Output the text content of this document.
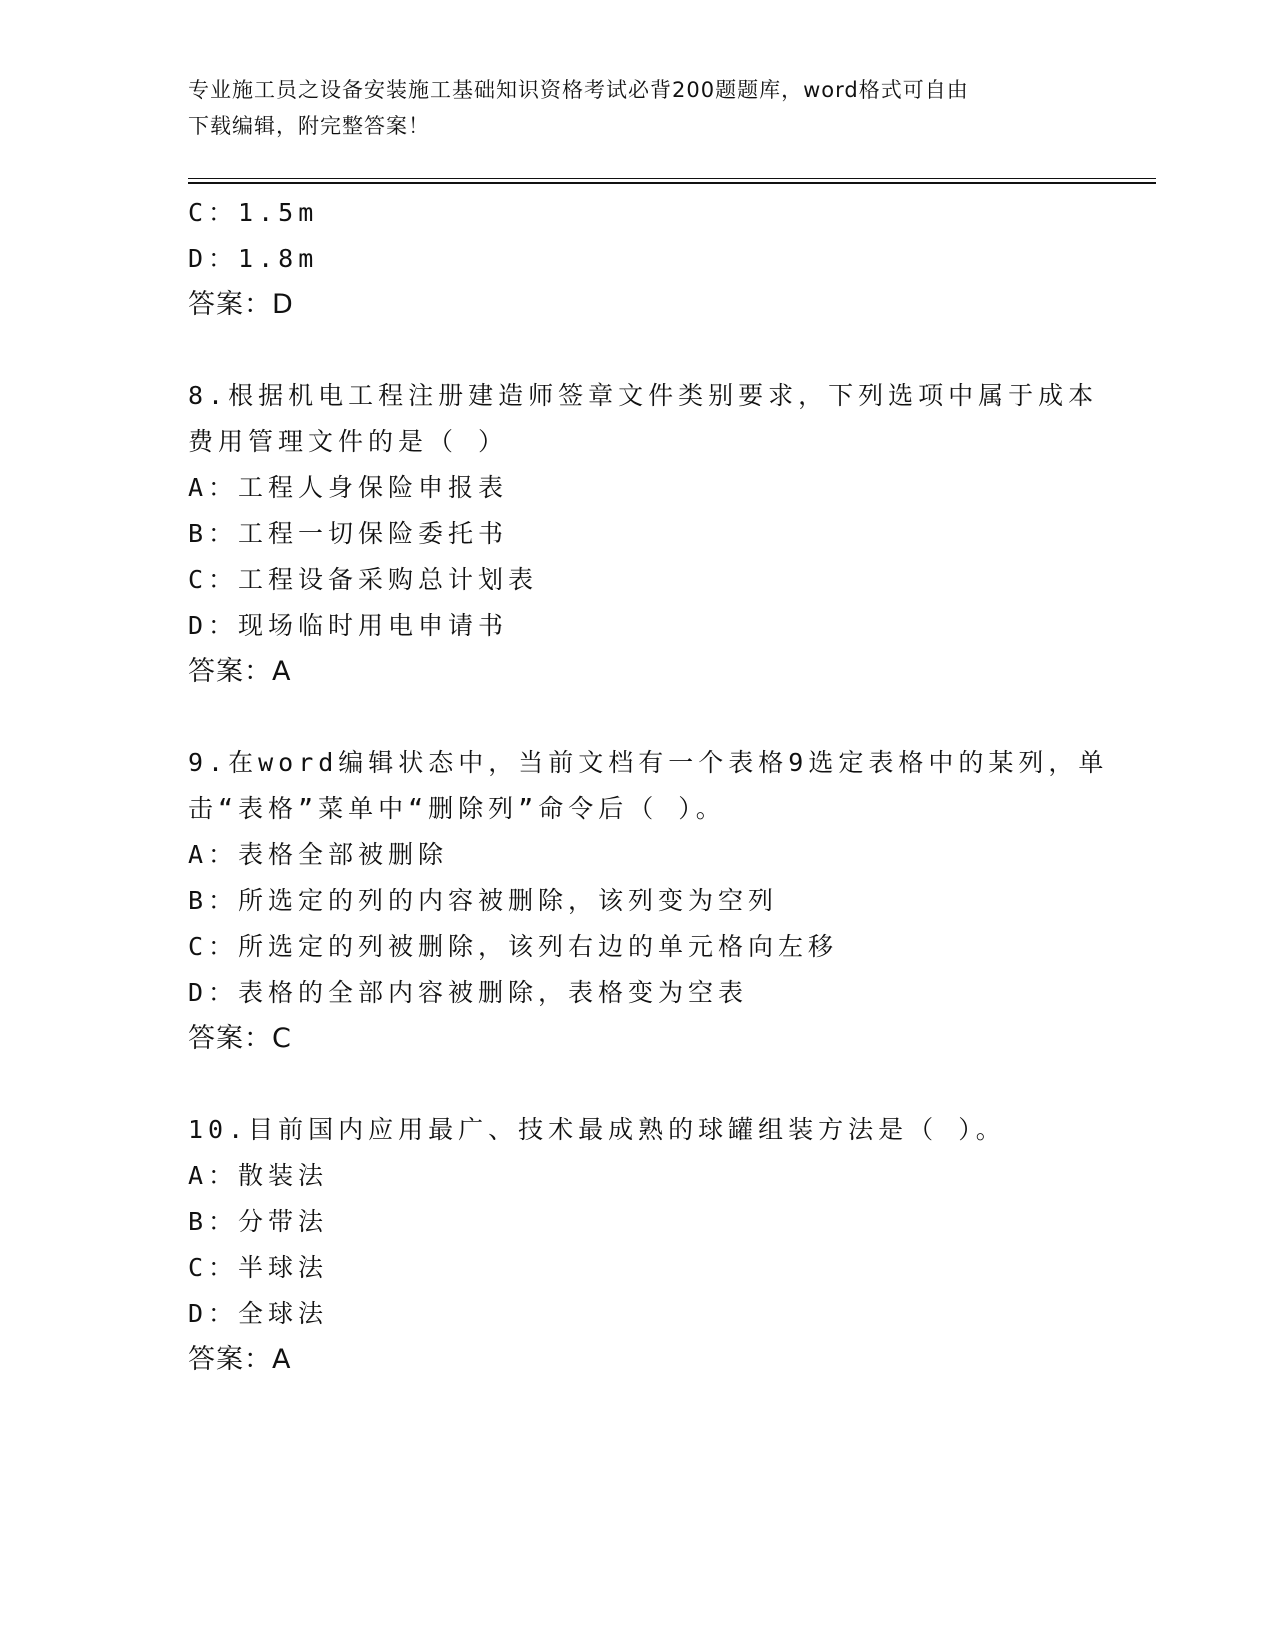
专业施工员之设备安装施工基础知识资格考试必背200题题库，word格式可自由
下载编辑，附完整答案！
C：1.5m
D：1.8m
答案：D
8.根据机电工程注册建造师签章文件类别要求，下列选项中属于成本
费用管理文件的是（ ）
A：工程人身保险申报表
B：工程一切保险委托书
C：工程设备采购总计划表
D：现场临时用电申请书
答案：A
9.在word编辑状态中，当前文档有一个表格9选定表格中的某列，单
击“表格”菜单中“删除列”命令后（ ）。
A：表格全部被删除
B：所选定的列的内容被删除，该列变为空列
C：所选定的列被删除，该列右边的单元格向左移
D：表格的全部内容被删除，表格变为空表
答案：C
10.目前国内应用最广、技术最成熟的球罐组装方法是（ ）。
A：散装法
B：分带法
C：半球法
D：全球法
答案：A
